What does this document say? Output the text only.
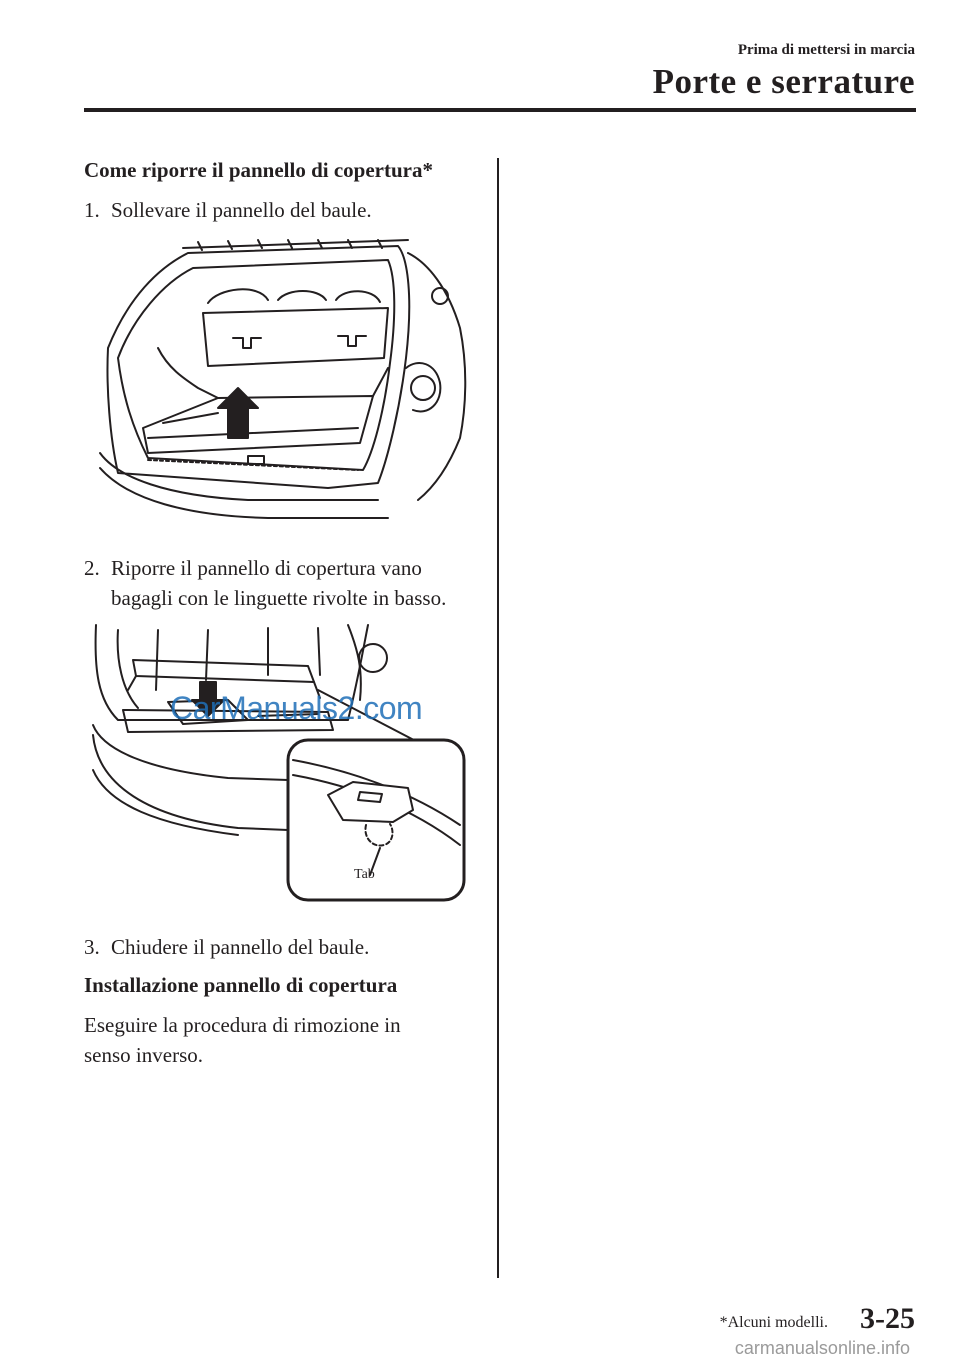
Prima di mettersi in marcia
Porte e serrature
Come riporre il pannello di copertura*
1. Sollevare il pannello del baule.
2. Riporre il pannello di copertura vano
bagagli con le linguette rivolte in basso.
Tab
CarManuals2.com
3. Chiudere il pannello del baule.
Installazione pannello di copertura
Eseguire la procedura di rimozione in
senso inverso.
*Alcuni modelli. 3-25
carmanualsonline.info
